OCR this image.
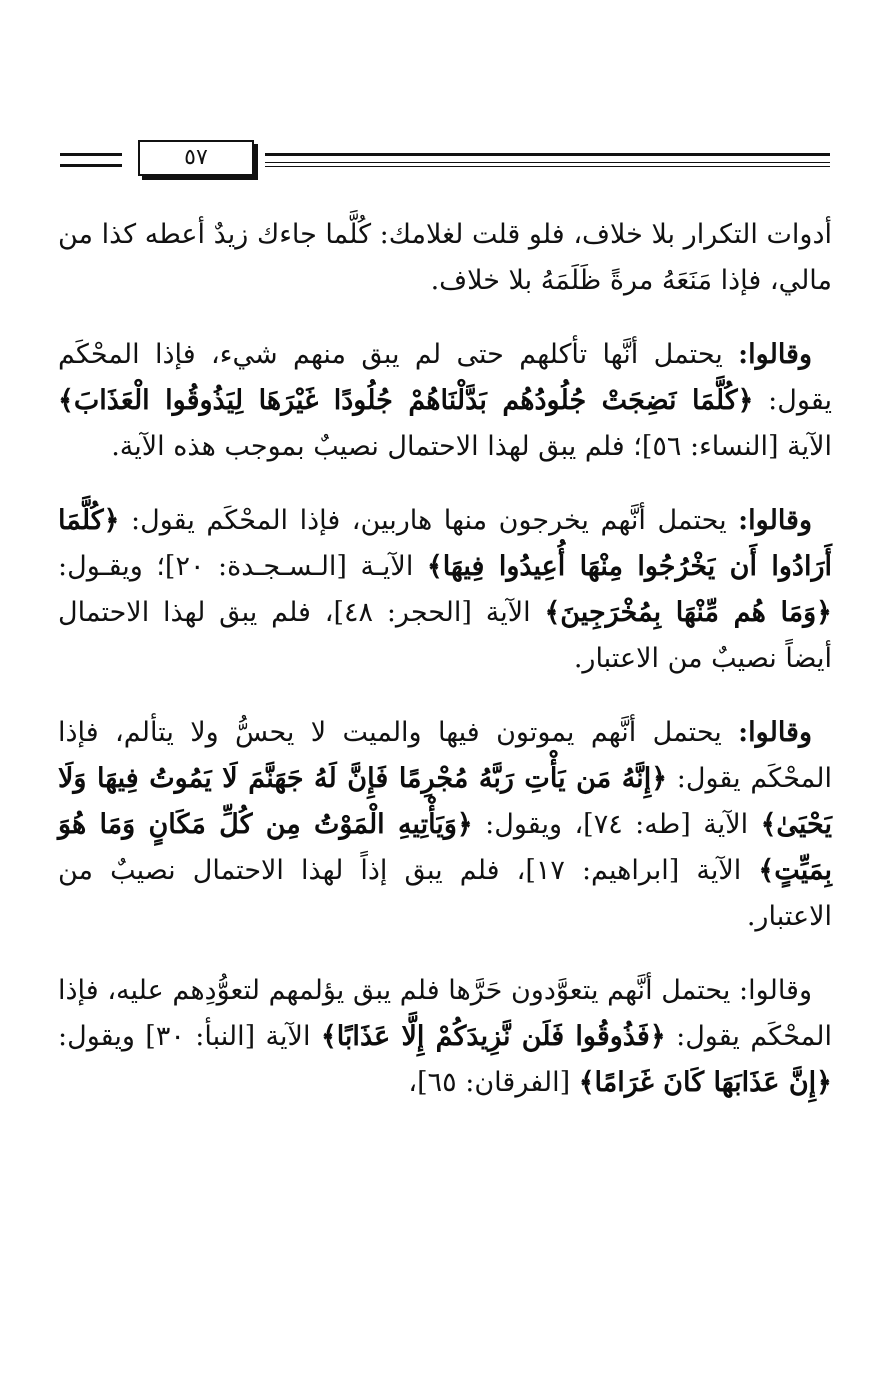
٥٧

أدوات التكرار بلا خلاف، فلو قلت لغلامك: كُلَّما جاءك زيدٌ أعطه كذا من مالي، فإذا مَنَعَهُ مرةً ظَلَمَهُ بلا خلاف.

وقالوا: يحتمل أنَّها تأكلهم حتى لم يبق منهم شيء، فإذا المحْكَم يقول: ﴿كُلَّمَا نَضِجَتْ جُلُودُهُم بَدَّلْنَاهُمْ جُلُودًا غَيْرَهَا لِيَذُوقُوا الْعَذَابَ﴾ الآية [النساء: ٥٦]؛ فلم يبق لهذا الاحتمال نصيبٌ بموجب هذه الآية.

وقالوا: يحتمل أنَّهم يخرجون منها هاربين، فإذا المحْكَم يقول: ﴿كُلَّمَا أَرَادُوا أَن يَخْرُجُوا مِنْهَا أُعِيدُوا فِيهَا﴾ الآيـة [الـسـجـدة: ٢٠]؛ ويقـول: ﴿وَمَا هُم مِّنْهَا بِمُخْرَجِينَ﴾ الآية [الحجر: ٤٨]، فلم يبق لهذا الاحتمال أيضاً نصيبٌ من الاعتبار.

وقالوا: يحتمل أنَّهم يموتون فيها والميت لا يحسُّ ولا يتألم، فإذا المحْكَم يقول: ﴿إِنَّهُ مَن يَأْتِ رَبَّهُ مُجْرِمًا فَإِنَّ لَهُ جَهَنَّمَ لَا يَمُوتُ فِيهَا وَلَا يَحْيَىٰ﴾ الآية [طه: ٧٤]، ويقول: ﴿وَيَأْتِيهِ الْمَوْتُ مِن كُلِّ مَكَانٍ وَمَا هُوَ بِمَيِّتٍ﴾ الآية [ابراهيم: ١٧]، فلم يبق إذاً لهذا الاحتمال نصيبٌ من الاعتبار.

وقالوا: يحتمل أنَّهم يتعوَّدون حَرَّها فلم يبق يؤلمهم لتعوُّدِهم عليه، فإذا المحْكَم يقول: ﴿فَذُوقُوا فَلَن نَّزِيدَكُمْ إِلَّا عَذَابًا﴾ الآية [النبأ: ٣٠] ويقول: ﴿إِنَّ عَذَابَهَا كَانَ غَرَامًا﴾ [الفرقان: ٦٥]،
